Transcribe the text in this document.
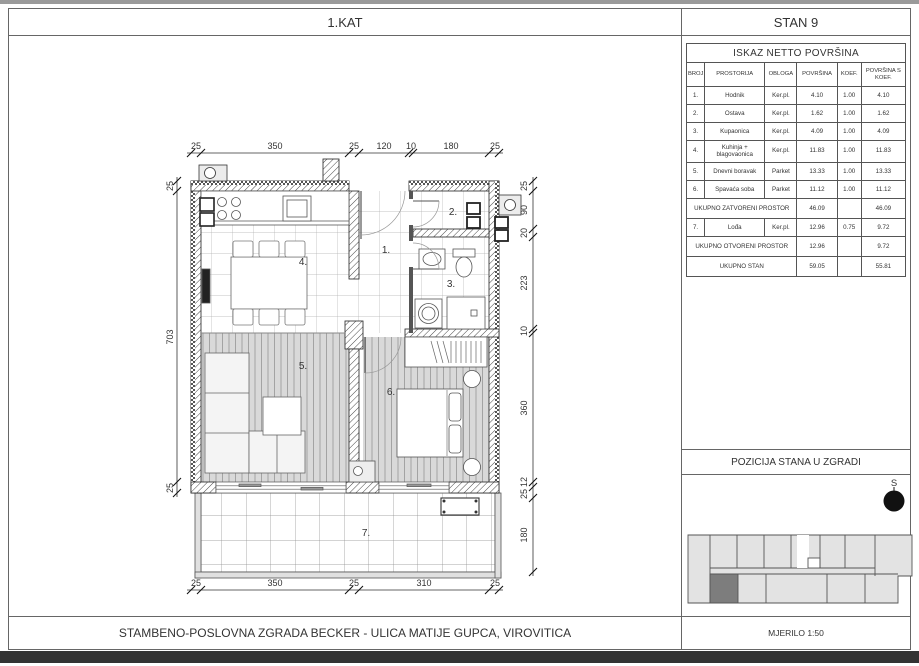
1.KAT	STAN 9
1.
2.
3.
4.
5.
6.
7.
25	350	25 120 10	180	25
25	350	25	310	25
25
703
25
25
90
20
223
10
360
12
25
180
ISKAZ NETTO POVRŠINA					
BROJ	PROSTORIJA	OBLOGA	POVRŠINA	KOEF.	POVRŠINA S KOEF.
1.	Hodnik	Ker.pl.	4.10	1.00	4.10
2.	Ostava	Ker.pl.	1.62	1.00	1.62
3.	Kupaonica	Ker.pl.	4.09	1.00	4.09
4.	Kuhinja + blagovaonica	Ker.pl.	11.83	1.00	11.83
5.	Dnevni boravak	Parket	13.33	1.00	13.33
6.	Spavaća soba	Parket	11.12	1.00	11.12
UKUPNO ZATVORENI PROSTOR			46.09		46.09
7.	Lođa	Ker.pl.	12.96	0.75	9.72
UKUPNO OTVORENI PROSTOR			12.96		9.72
UKUPNO STAN			59.05		55.81
POZICIJA STANA U ZGRADI
S
STAMBENO-POSLOVNA ZGRADA BECKER - ULICA MATIJE GUPCA, VIROVITICA	MJERILO 1:50
